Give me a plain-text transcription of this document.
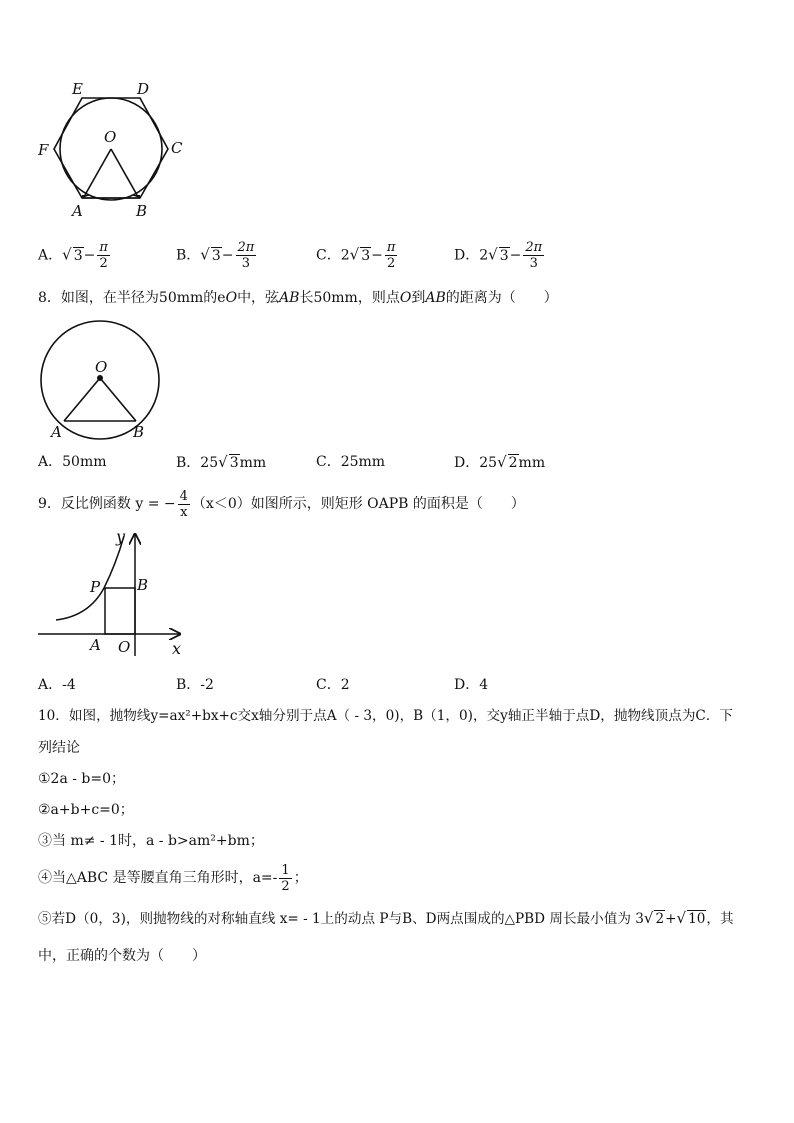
E	D
F	C
O
A	B
A．√ $3- \frac{\pi}{2}$	B．√ $3- \frac{2\pi}{3}$	C．2√ $3- \frac{\pi}{2}$	D．2√ $3- \frac{2\pi}{3}$
8．如图，在半径为50mm的eO中，弦AB长50mm，则点O到AB的距离为（　　）
O
A	B
A．50mm	B．25√ 3mm	C．25mm	D．25√ 2mm
9．反比例函数 y = − $\frac{4}{x} (x<0)$如图所示，则矩形 OAPB 的面积是（　　）
y
x
P B
A O
A．-4	B．-2	C．2	D．4
10．如图，抛物线y=ax²+bx+c交x轴分别于点A（ - 3，0)，B（1，0)，交y轴正半轴于点D，抛物线顶点为C．下
列结论
①2a - b=0；
②a+b+c=0；
③当 m≠ - 1时，a - b>am²+bm；
④当△ABC 是等腰直角三角形时，$a=- \frac{1}{2}$ ；
⑤若D（0，3)，则抛物线的对称轴直线 x= - 1上的动点 P与B、D两点围成的△PBD 周长最小值为 3√ 2+√ 10，其
中，正确的个数为（　　）
